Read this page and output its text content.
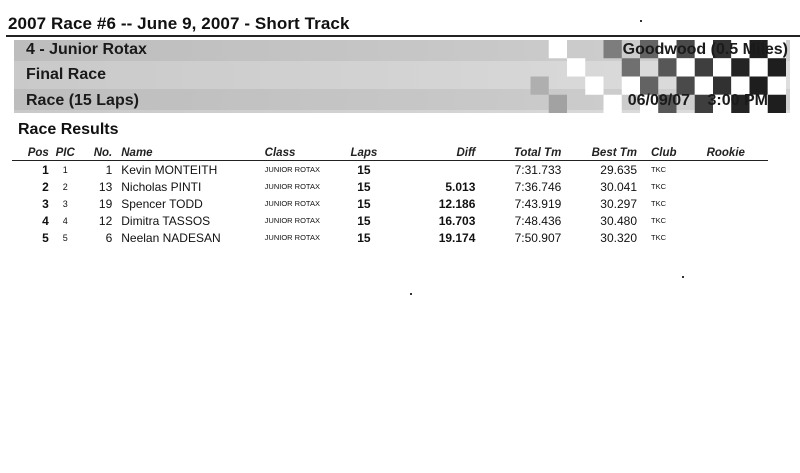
2007 Race #6 -- June 9, 2007 - Short Track
4 - Junior Rotax
Final Race
Race (15 Laps)
Goodwood (0.5 Miles)
06/09/07 3:00 PM
Race Results
Pos	PIC	No.	Name	Class	Laps	Diff	Total Tm	Best Tm	Club	Rookie
1	1	1	Kevin MONTEITH	JUNIOR ROTAX	15		7:31.733	29.635	TKC	
2	2	13	Nicholas PINTI	JUNIOR ROTAX	15	5.013	7:36.746	30.041	TKC	
3	3	19	Spencer TODD	JUNIOR ROTAX	15	12.186	7:43.919	30.297	TKC	
4	4	12	Dimitra TASSOS	JUNIOR ROTAX	15	16.703	7:48.436	30.480	TKC	
5	5	6	Neelan NADESAN	JUNIOR ROTAX	15	19.174	7:50.907	30.320	TKC	
